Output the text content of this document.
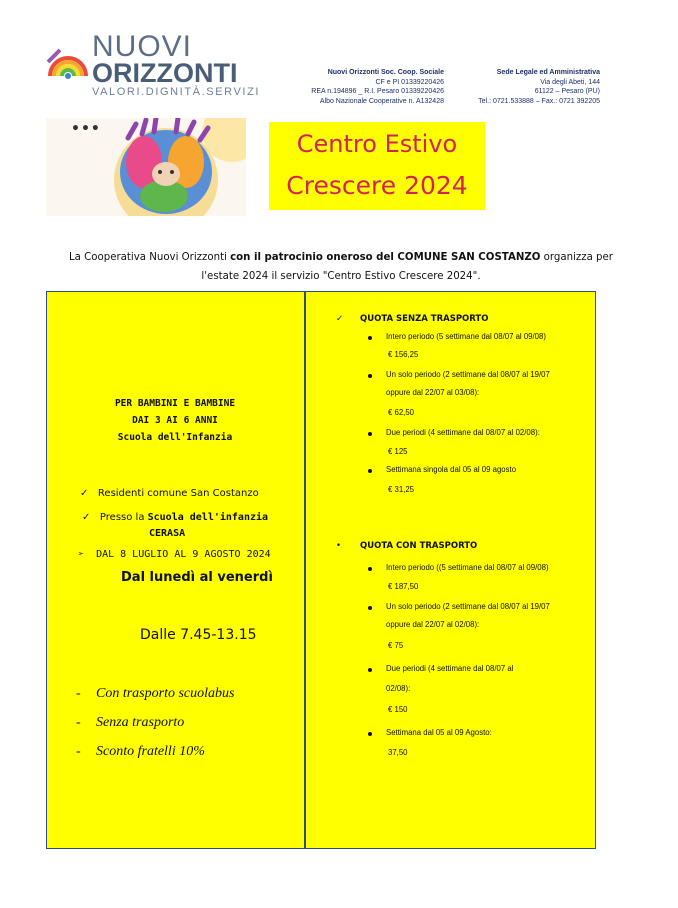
NUOVI
ORIZZONTI
VALORI.DIGNITÀ.SERVIZI
Nuovi Orizzonti Soc. Coop. Sociale
CF e PI 01339220426
REA n.194896 _ R.I. Pesaro 01339220426
Albo Nazionale Cooperative n. A132428
Sede Legale ed Amministrativa
Via degli Abeti, 144
61122 – Pesaro (PU)
Tel.: 0721.533888 – Fax.: 0721 392205
•••
Centro Estivo
Crescere 2024
La Cooperativa Nuovi Orizzonti con il patrocinio oneroso del COMUNE SAN COSTANZO organizza per
l'estate 2024 il servizio "Centro Estivo Crescere 2024".
PER BAMBINI E BAMBINE
DAI 3 AI 6 ANNI
Scuola dell'Infanzia
✓   Residenti comune San Costanzo
✓   Presso la Scuola dell'infanzia
CERASA
➢  DAL 8 LUGLIO AL 9 AGOSTO 2024
Dal lunedì al venerdì
Dalle 7.45-13.15
- Con trasporto scuolabus
- Senza trasporto
- Sconto fratelli 10%
✓ QUOTA SENZA TRASPORTO
Intero periodo (5 settimane dal 08/07 al 09/08)
€ 156,25
Un solo periodo (2 settimane dal 08/07 al 19/07
oppure dal 22/07 al 03/08):
€ 62,50
Due periodi (4 settimane dal 08/07 al 02/08):
€ 125
Settimana singola dal 05 al 09 agosto
€ 31,25
• QUOTA CON TRASPORTO
Intero periodo ((5 settimane dal 08/07 al 09/08)
€ 187,50
Un solo periodo (2 settimane dal 08/07 al 19/07
oppure dal 22/07 al 02/08):
€ 75
Due periodi (4 settimane dal 08/07 al
02/08):
€ 150
Settimana dal 05 al 09 Agosto:
37,50
